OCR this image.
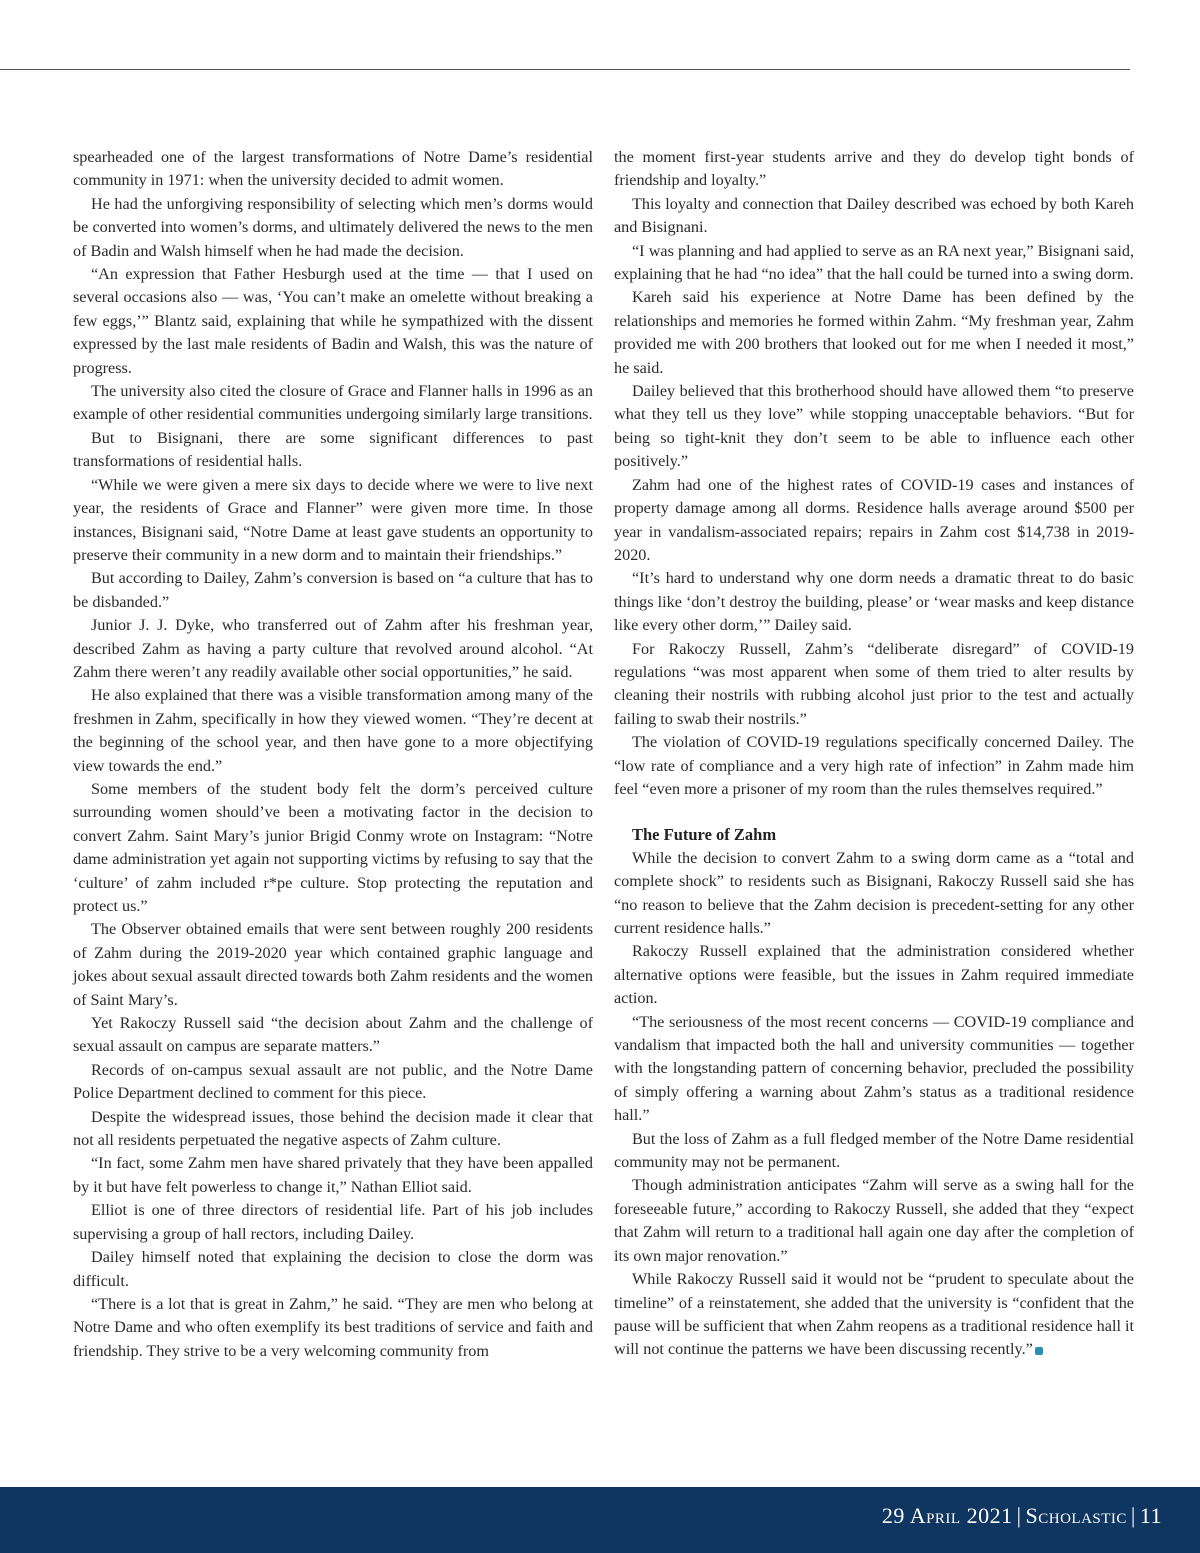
spearheaded one of the largest transformations of Notre Dame’s residential community in 1971: when the university decided to admit women.

He had the unforgiving responsibility of selecting which men’s dorms would be converted into women’s dorms, and ultimately delivered the news to the men of Badin and Walsh himself when he had made the decision.

“An expression that Father Hesburgh used at the time — that I used on several occasions also — was, ‘You can’t make an omelette without breaking a few eggs,’” Blantz said, explaining that while he sympathized with the dissent expressed by the last male residents of Badin and Walsh, this was the nature of progress.

The university also cited the closure of Grace and Flanner halls in 1996 as an example of other residential communities undergoing similarly large transitions.

But to Bisignani, there are some significant differences to past transformations of residential halls.

“While we were given a mere six days to decide where we were to live next year, the residents of Grace and Flanner” were given more time. In those instances, Bisignani said, “Notre Dame at least gave students an opportunity to preserve their community in a new dorm and to maintain their friendships.”

But according to Dailey, Zahm’s conversion is based on “a culture that has to be disbanded.”

Junior J. J. Dyke, who transferred out of Zahm after his freshman year, described Zahm as having a party culture that revolved around alcohol. “At Zahm there weren’t any readily available other social opportunities,” he said.

He also explained that there was a visible transformation among many of the freshmen in Zahm, specifically in how they viewed women. “They’re decent at the beginning of the school year, and then have gone to a more objectifying view towards the end.”

Some members of the student body felt the dorm’s perceived culture surrounding women should’ve been a motivating factor in the decision to convert Zahm. Saint Mary’s junior Brigid Conmy wrote on Instagram: “Notre dame administration yet again not supporting victims by refusing to say that the ‘culture’ of zahm included r*pe culture. Stop protecting the reputation and protect us.”

The Observer obtained emails that were sent between roughly 200 residents of Zahm during the 2019-2020 year which contained graphic language and jokes about sexual assault directed towards both Zahm residents and the women of Saint Mary’s.

Yet Rakoczy Russell said “the decision about Zahm and the challenge of sexual assault on campus are separate matters.”

Records of on-campus sexual assault are not public, and the Notre Dame Police Department declined to comment for this piece.

Despite the widespread issues, those behind the decision made it clear that not all residents perpetuated the negative aspects of Zahm culture.

“In fact, some Zahm men have shared privately that they have been appalled by it but have felt powerless to change it,” Nathan Elliot said.

Elliot is one of three directors of residential life. Part of his job includes supervising a group of hall rectors, including Dailey.

Dailey himself noted that explaining the decision to close the dorm was difficult.

“There is a lot that is great in Zahm,” he said. “They are men who belong at Notre Dame and who often exemplify its best traditions of service and faith and friendship. They strive to be a very welcoming community from

the moment first-year students arrive and they do develop tight bonds of friendship and loyalty.”

This loyalty and connection that Dailey described was echoed by both Kareh and Bisignani.

“I was planning and had applied to serve as an RA next year,” Bisignani said, explaining that he had “no idea” that the hall could be turned into a swing dorm.

Kareh said his experience at Notre Dame has been defined by the relationships and memories he formed within Zahm. “My freshman year, Zahm provided me with 200 brothers that looked out for me when I needed it most,” he said.

Dailey believed that this brotherhood should have allowed them “to preserve what they tell us they love” while stopping unacceptable behaviors. “But for being so tight-knit they don’t seem to be able to influence each other positively.”

Zahm had one of the highest rates of COVID-19 cases and instances of property damage among all dorms. Residence halls average around $500 per year in vandalism-associated repairs; repairs in Zahm cost $14,738 in 2019-2020.

“It’s hard to understand why one dorm needs a dramatic threat to do basic things like ‘don’t destroy the building, please’ or ‘wear masks and keep distance like every other dorm,’” Dailey said.

For Rakoczy Russell, Zahm’s “deliberate disregard” of COVID-19 regulations “was most apparent when some of them tried to alter results by cleaning their nostrils with rubbing alcohol just prior to the test and actually failing to swab their nostrils.”

The violation of COVID-19 regulations specifically concerned Dailey. The “low rate of compliance and a very high rate of infection” in Zahm made him feel “even more a prisoner of my room than the rules themselves required.”

The Future of Zahm

While the decision to convert Zahm to a swing dorm came as a “total and complete shock” to residents such as Bisignani, Rakoczy Russell said she has “no reason to believe that the Zahm decision is precedent-setting for any other current residence halls.”

Rakoczy Russell explained that the administration considered whether alternative options were feasible, but the issues in Zahm required immediate action.

“The seriousness of the most recent concerns — COVID-19 compliance and vandalism that impacted both the hall and university communities — together with the longstanding pattern of concerning behavior, precluded the possibility of simply offering a warning about Zahm’s status as a traditional residence hall.”

But the loss of Zahm as a full fledged member of the Notre Dame residential community may not be permanent.

Though administration anticipates “Zahm will serve as a swing hall for the foreseeable future,” according to Rakoczy Russell, she added that they “expect that Zahm will return to a traditional hall again one day after the completion of its own major renovation.”

While Rakoczy Russell said it would not be “prudent to speculate about the timeline” of a reinstatement, she added that the university is “confident that the pause will be sufficient that when Zahm reopens as a traditional residence hall it will not continue the patterns we have been discussing recently.”

29 April 2021 | Scholastic | 11
